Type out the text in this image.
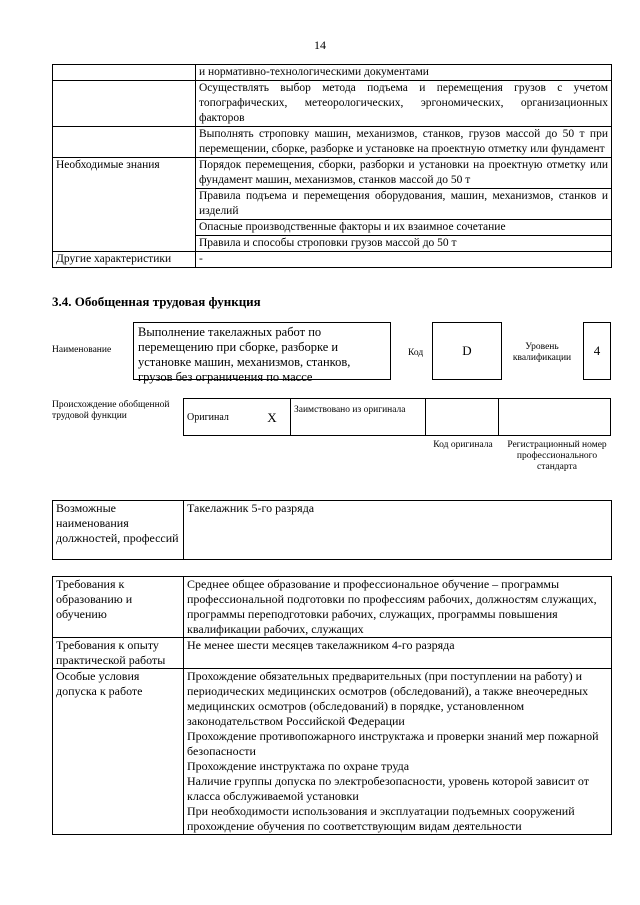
14
	и нормативно-технологическими документами
	Осуществлять выбор метода подъема и перемещения грузов с учетом топографических, метеорологических, эргономических, организационных факторов
	Выполнять строповку машин, механизмов, станков, грузов массой до 50 т при перемещении, сборке, разборке и установке на проектную отметку или фундамент
Необходимые знания	Порядок перемещения, сборки, разборки и установки на проектную отметку или фундамент машин, механизмов, станков массой до 50 т
	Правила подъема и перемещения оборудования, машин, механизмов, станков и изделий
	Опасные производственные факторы и их взаимное сочетание
	Правила и способы строповки грузов массой до 50 т
Другие характеристики	-
3.4. Обобщенная трудовая функция
Наименование
Выполнение такелажных работ по перемещению при сборке, разборке и установке машин, механизмов, станков, грузов без ограничения по массе
Код	D	Уровень квалификации	4
Происхождение обобщенной трудовой функции	Оригинал	X	Заимствовано из оригинала		
Код оригинала	Регистрационный номер профессионального стандарта
Возможные наименования должностей, профессий	Такелажник 5-го разряда
Требования к образованию и обучению	Среднее общее образование и профессиональное обучение – программы профессиональной подготовки по профессиям рабочих, должностям служащих, программы переподготовки рабочих, служащих, программы повышения квалификации рабочих, служащих
Требования к опыту практической работы	Не менее шести месяцев такелажником 4-го разряда
Особые условия допуска к работе	Прохождение обязательных предварительных (при поступлении на работу) и периодических медицинских осмотров (обследований), а также внеочередных медицинских осмотров (обследований) в порядке, установленном законодательством Российской Федерации
Прохождение противопожарного инструктажа и проверки знаний мер пожарной безопасности
Прохождение инструктажа по охране труда
Наличие группы допуска по электробезопасности, уровень которой зависит от класса обслуживаемой установки
При необходимости использования и эксплуатации подъемных сооружений прохождение обучения по соответствующим видам деятельности
